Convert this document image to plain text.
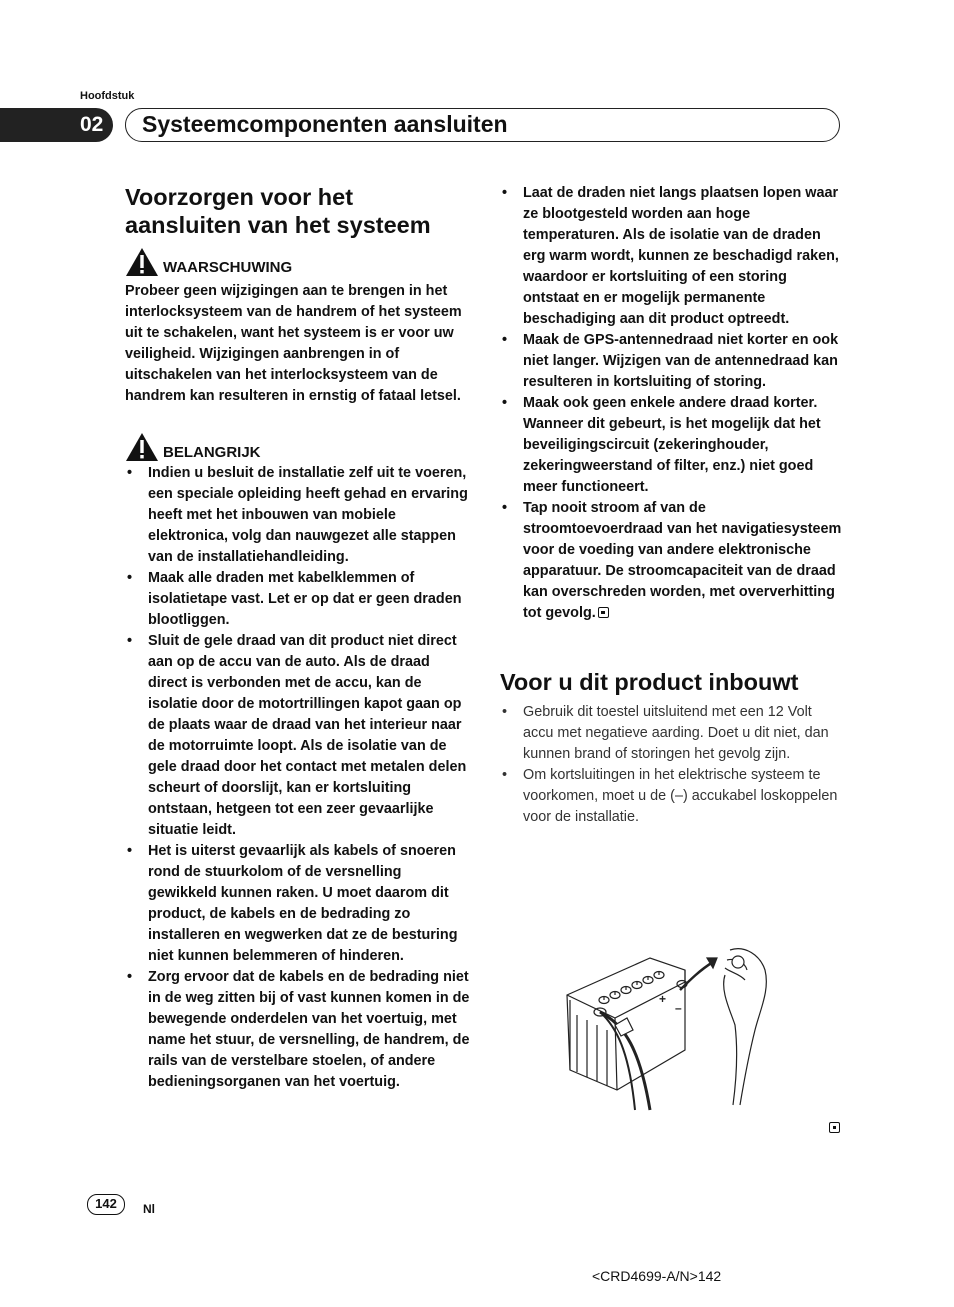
Hoofdstuk
02	Systeemcomponenten aansluiten
Voorzorgen voor het
aansluiten van het systeem
WAARSCHUWING
Probeer geen wijzigingen aan te brengen in het interlocksysteem van de handrem of het systeem uit te schakelen, want het systeem is er voor uw veiligheid. Wijzigingen aanbrengen in of uitschakelen van het interlocksysteem van de handrem kan resulteren in ernstig of fataal letsel.
BELANGRIJK
• Indien u besluit de installatie zelf uit te voeren, een speciale opleiding heeft gehad en ervaring heeft met het inbouwen van mobiele elektronica, volg dan nauwgezet alle stappen van de installatiehandleiding.
• Maak alle draden met kabelklemmen of isolatietape vast. Let er op dat er geen draden blootliggen.
• Sluit de gele draad van dit product niet direct aan op de accu van de auto. Als de draad direct is verbonden met de accu, kan de isolatie door de motortrillingen kapot gaan op de plaats waar de draad van het interieur naar de motorruimte loopt. Als de isolatie van de gele draad door het contact met metalen delen scheurt of doorslijt, kan er kortsluiting ontstaan, hetgeen tot een zeer gevaarlijke situatie leidt.
• Het is uiterst gevaarlijk als kabels of snoeren rond de stuurkolom of de versnelling gewikkeld kunnen raken. U moet daarom dit product, de kabels en de bedrading zo installeren en wegwerken dat ze de besturing niet kunnen belemmeren of hinderen.
• Zorg ervoor dat de kabels en de bedrading niet in de weg zitten bij of vast kunnen komen in de bewegende onderdelen van het voertuig, met name het stuur, de versnelling, de handrem, de rails van de verstelbare stoelen, of andere bedieningsorganen van het voertuig.
• Laat de draden niet langs plaatsen lopen waar ze blootgesteld worden aan hoge temperaturen. Als de isolatie van de draden erg warm wordt, kunnen ze beschadigd raken, waardoor er kortsluiting of een storing ontstaat en er mogelijk permanente beschadiging aan dit product optreedt.
• Maak de GPS-antennedraad niet korter en ook niet langer. Wijzigen van de antennedraad kan resulteren in kortsluiting of storing.
• Maak ook geen enkele andere draad korter. Wanneer dit gebeurt, is het mogelijk dat het beveiligingscircuit (zekeringhouder, zekeringweerstand of filter, enz.) niet goed meer functioneert.
• Tap nooit stroom af van de stroomtoevoerdraad van het navigatiesysteem voor de voeding van andere elektronische apparatuur. De stroomcapaciteit van de draad kan overschreden worden, met oververhitting tot gevolg.
Voor u dit product inbouwt
• Gebruik dit toestel uitsluitend met een 12 Volt accu met negatieve aarding. Doet u dit niet, dan kunnen brand of storingen het gevolg zijn.
• Om kortsluitingen in het elektrische systeem te voorkomen, moet u de (–) accukabel loskoppelen voor de installatie.
+
–
142	Nl
<CRD4699-A/N>142
